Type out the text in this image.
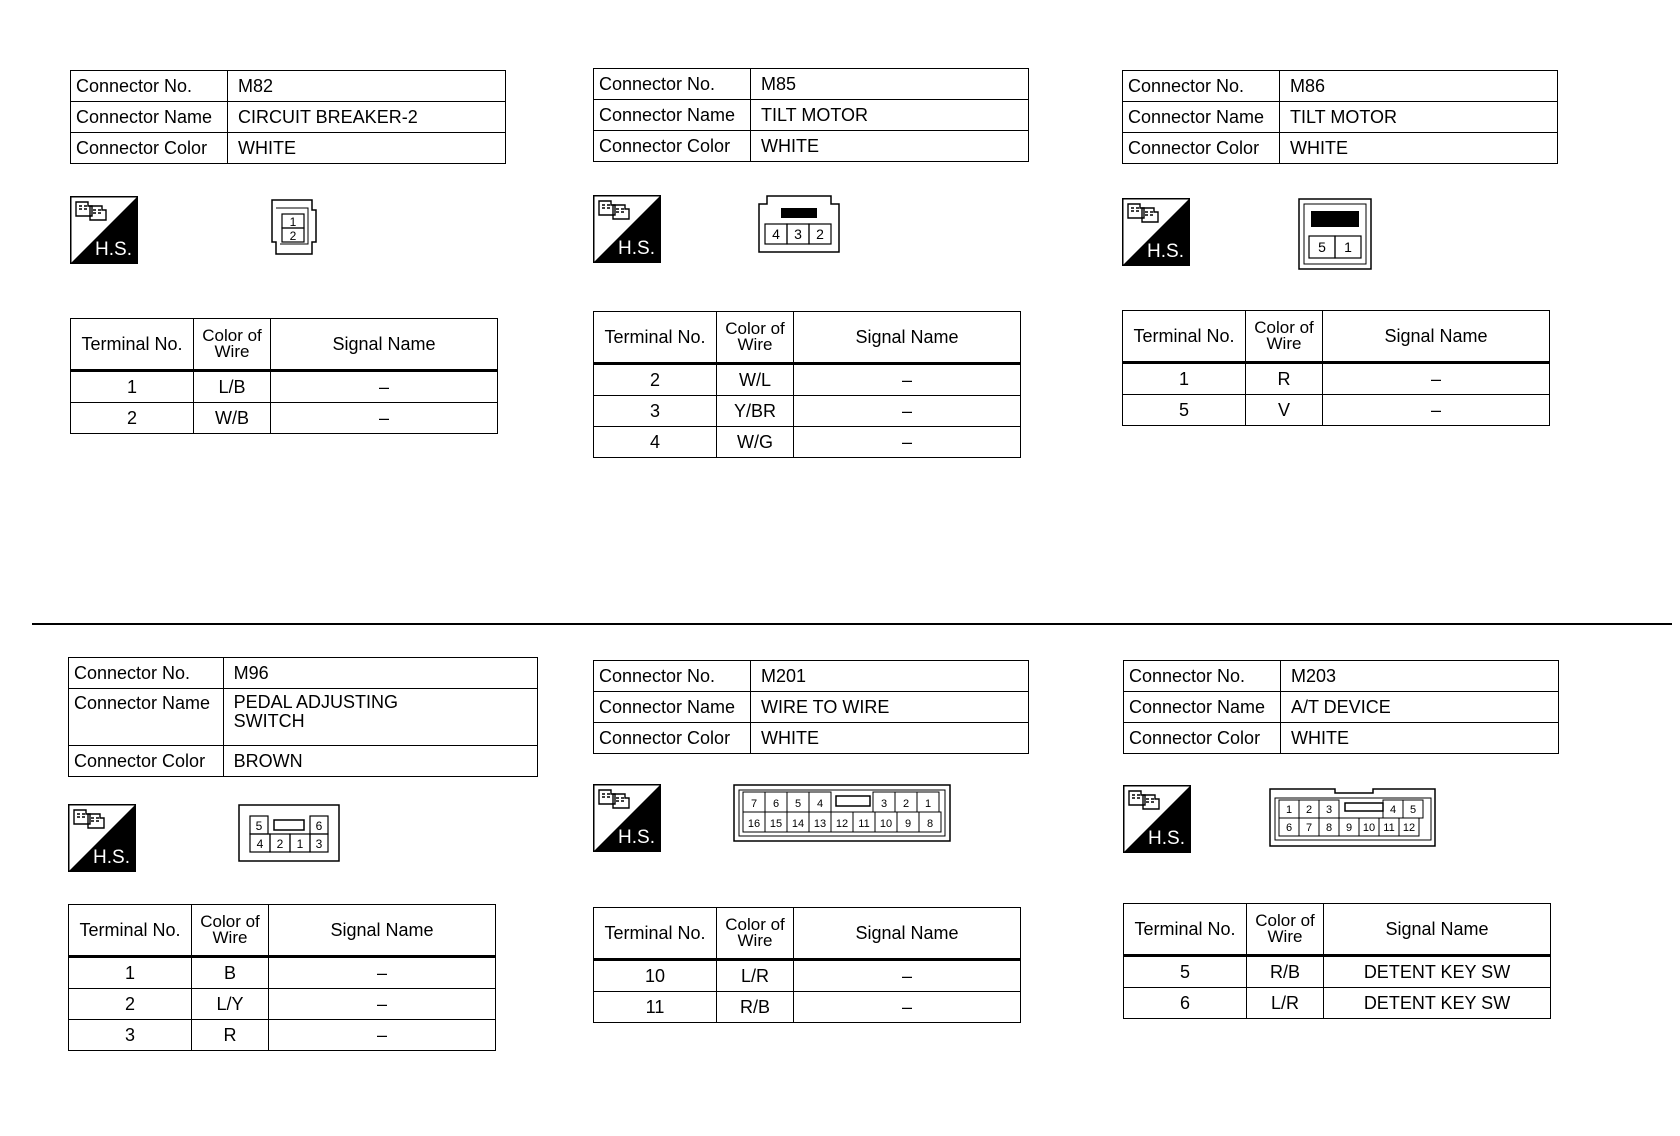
Connector No.	M82
Connector Name	CIRCUIT BREAKER-2
Connector Color	WHITE
H.S.
1
2
Terminal No.	Color of Wire	Signal Name
1	L/B	–
2	W/B	–
Connector No.	M85
Connector Name	TILT MOTOR
Connector Color	WHITE
H.S.
4 3 2
Terminal No.	Color of Wire	Signal Name
2	W/L	–
3	Y/BR	–
4	W/G	–
Connector No.	M86
Connector Name	TILT MOTOR
Connector Color	WHITE
H.S.	5 1
Terminal No.	Color of Wire	Signal Name
1	R	–
5	V	–
Connector No.	M96
Connector Name	PEDAL ADJUSTING SWITCH
Connector Color	BROWN
H.S.
5	6
4 2 1 3
Terminal No.	Color of Wire	Signal Name
1	B	–
2	L/Y	–
3	R	–
Connector No.	M201
Connector Name	WIRE TO WIRE
Connector Color	WHITE
H.S.
7 6 5 4	3 2 1
16 15 14 13 12 11 10 9 8
Terminal No.	Color of Wire	Signal Name
10	L/R	–
11	R/B	–
Connector No.	M203
Connector Name	A/T DEVICE
Connector Color	WHITE
H.S.
1 2 3	4 5
6 7 8 9 10 11 12
Terminal No.	Color of Wire	Signal Name
5	R/B	DETENT KEY SW
6	L/R	DETENT KEY SW
